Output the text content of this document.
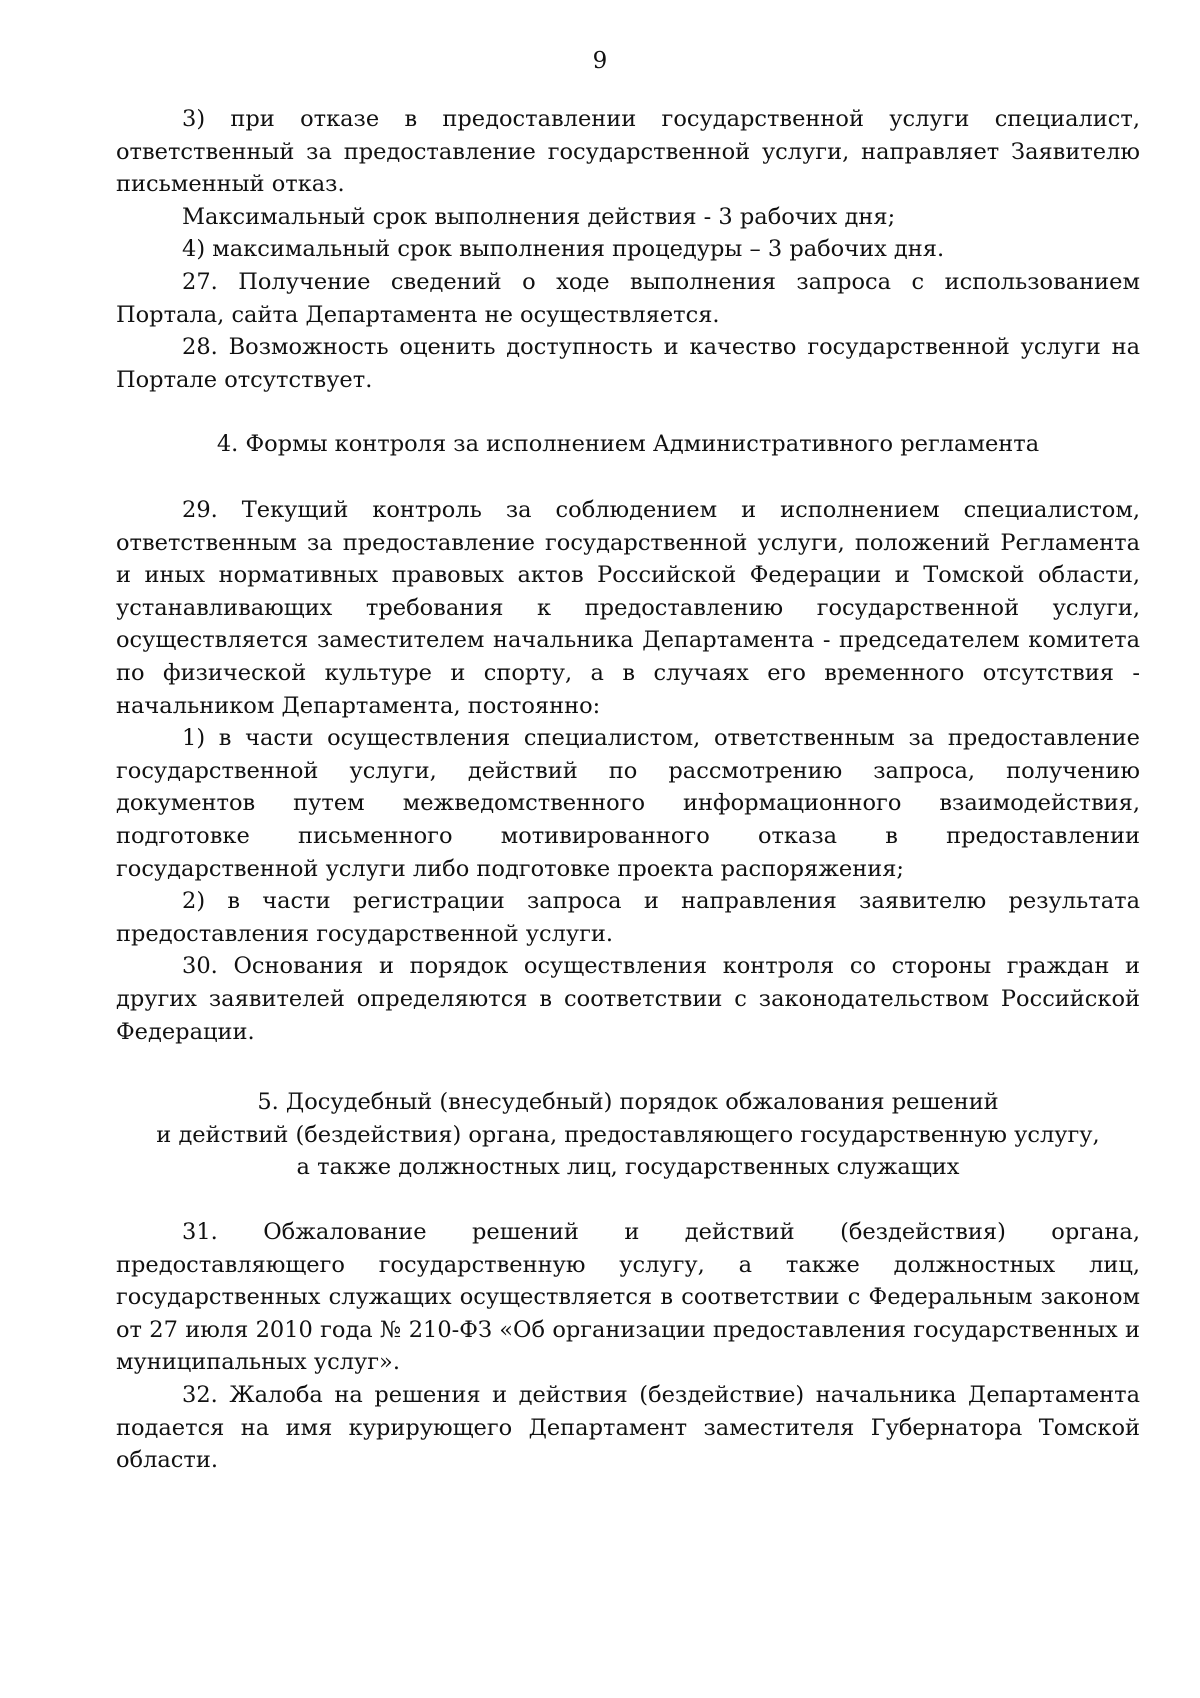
9

3) при отказе в предоставлении государственной услуги специалист, ответственный за предоставление государственной услуги, направляет Заявителю письменный отказ.

Максимальный срок выполнения действия - 3 рабочих дня;

4) максимальный срок выполнения процедуры – 3 рабочих дня.

27. Получение сведений о ходе выполнения запроса с использованием Портала, сайта Департамента не осуществляется.

28. Возможность оценить доступность и качество государственной услуги на Портале отсутствует.

4. Формы контроля за исполнением Административного регламента

29. Текущий контроль за соблюдением и исполнением специалистом, ответственным за предоставление государственной услуги, положений Регламента и иных нормативных правовых актов Российской Федерации и Томской области, устанавливающих требования к предоставлению государственной услуги, осуществляется заместителем начальника Департамента - председателем комитета по физической культуре и спорту, а в случаях его временного отсутствия - начальником Департамента, постоянно:

1) в части осуществления специалистом, ответственным за предоставление государственной услуги, действий по рассмотрению запроса, получению документов путем межведомственного информационного взаимодействия, подготовке письменного мотивированного отказа в предоставлении государственной услуги либо подготовке проекта распоряжения;

2) в части регистрации запроса и направления заявителю результата предоставления государственной услуги.

30. Основания и порядок осуществления контроля со стороны граждан и других заявителей определяются в соответствии с законодательством Российской Федерации.

5. Досудебный (внесудебный) порядок обжалования решений
и действий (бездействия) органа, предоставляющего государственную услугу,
а также должностных лиц, государственных служащих

31. Обжалование решений и действий (бездействия) органа, предоставляющего государственную услугу, а также должностных лиц, государственных служащих осуществляется в соответствии с Федеральным законом от 27 июля 2010 года № 210-ФЗ «Об организации предоставления государственных и муниципальных услуг».

32. Жалоба на решения и действия (бездействие) начальника Департамента подается на имя курирующего Департамент заместителя Губернатора Томской области.
